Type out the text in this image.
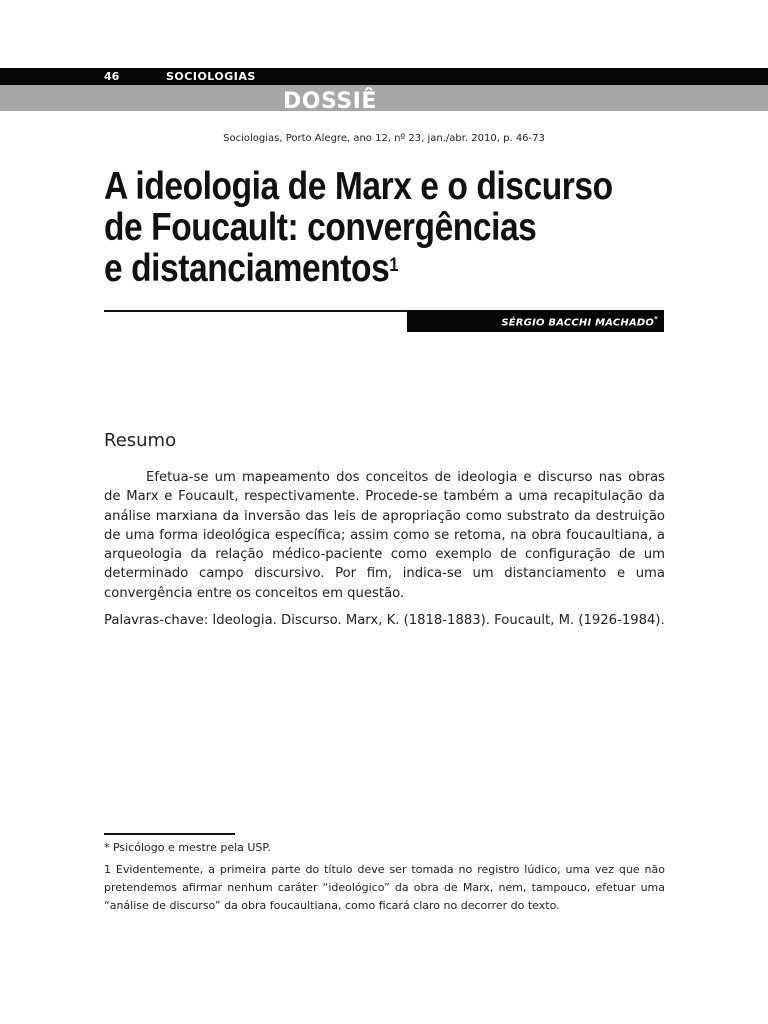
46	SOCIOLOGIAS
DOSSIÊ
Sociologias, Porto Alegre, ano 12, nº 23, jan./abr. 2010, p. 46-73
A ideologia de Marx e o discurso
de Foucault: convergências
e distanciamentos$^1$
SÉRGIO BACCHI MACHADO*
Resumo

Efetua-se um mapeamento dos conceitos de ideologia e discurso nas obras de Marx e Foucault, respectivamente. Procede-se também a uma recapitulação da análise marxiana da inversão das leis de apropriação como substrato da destruição de uma forma ideológica específica; assim como se retoma, na obra foucaultiana, a arqueologia da relação médico-paciente como exemplo de configuração de um determinado campo discursivo. Por fim, indica-se um distanciamento e uma convergência entre os conceitos em questão.

Palavras-chave: Ideologia. Discurso. Marx, K. (1818-1883). Foucault, M. (1926-1984).

* Psicólogo e mestre pela USP.

1 Evidentemente, a primeira parte do título deve ser tomada no registro lúdico, uma vez que não pretendemos afirmar nenhum caráter “ideológico” da obra de Marx, nem, tampouco, efetuar uma “análise de discurso” da obra foucaultiana, como ficará claro no decorrer do texto.
